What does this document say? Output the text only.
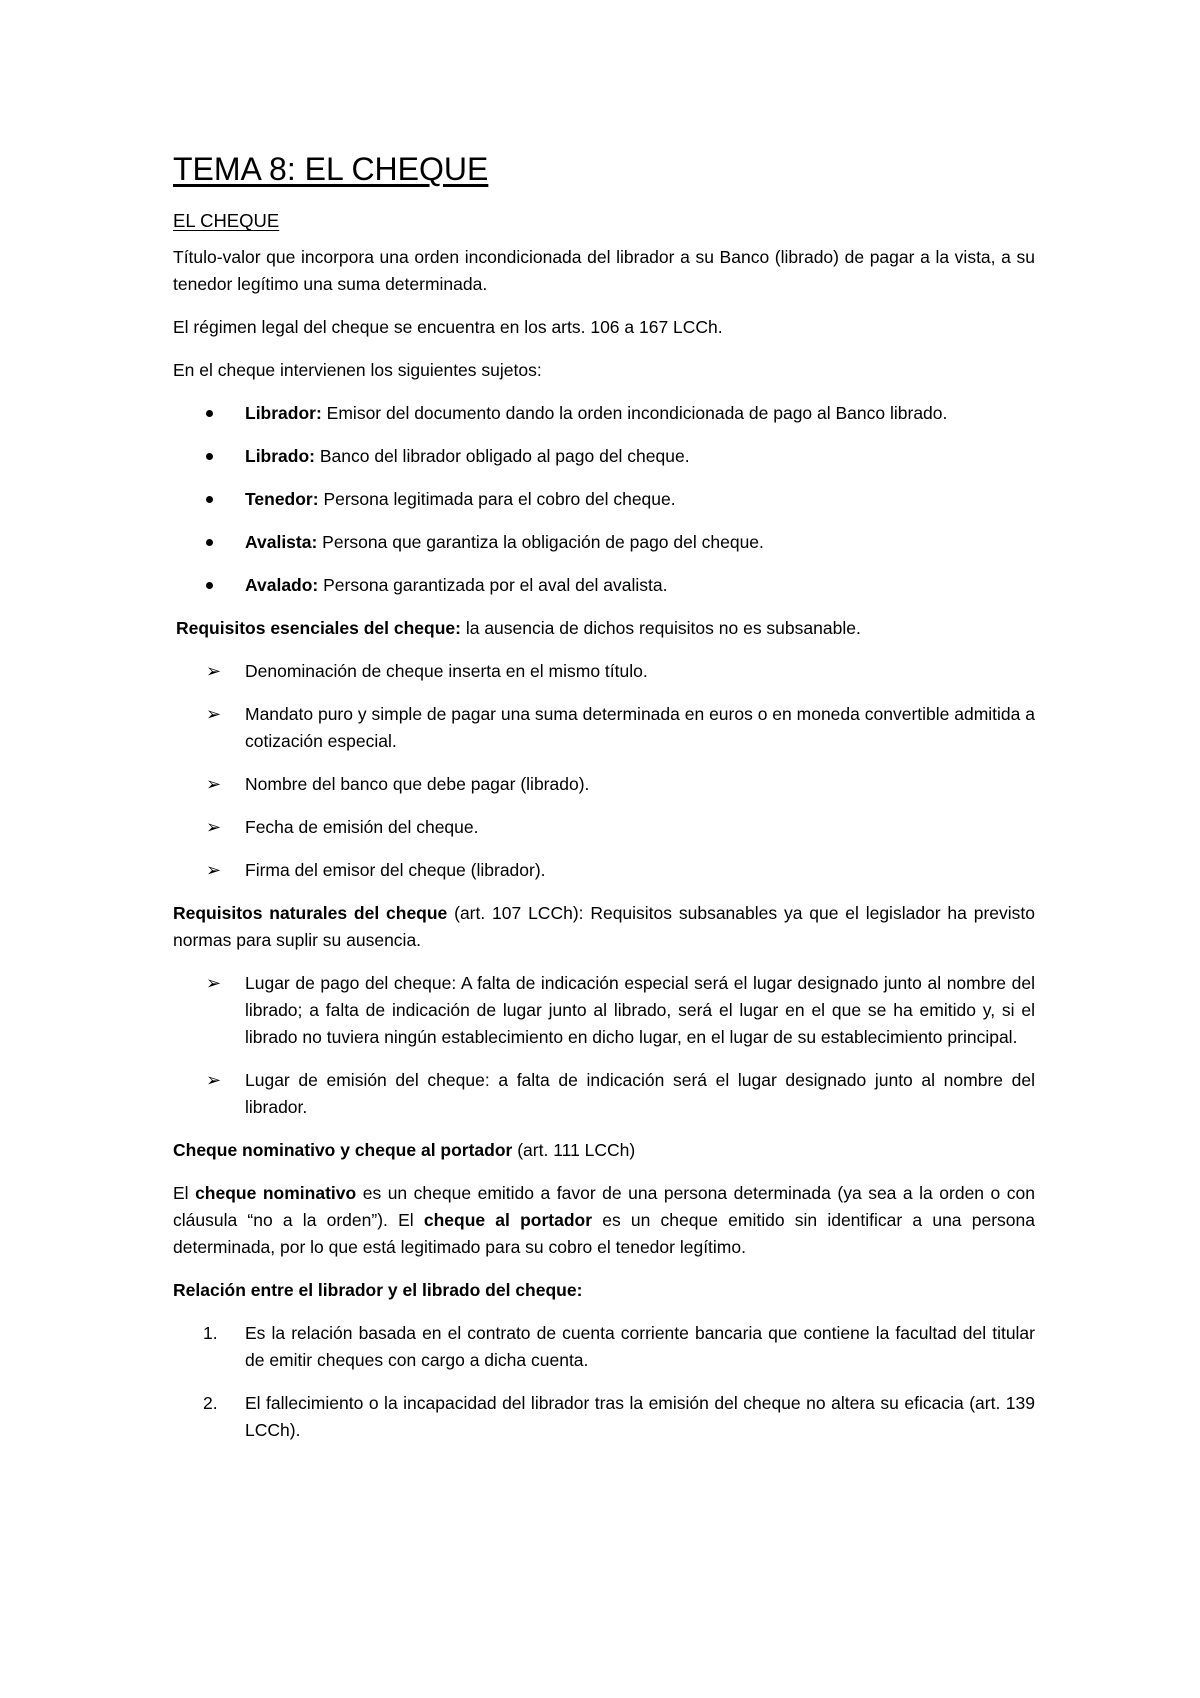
TEMA 8: EL CHEQUE
EL CHEQUE

Título-valor que incorpora una orden incondicionada del librador a su Banco (librado) de pagar a la vista, a su tenedor legítimo una suma determinada.

El régimen legal del cheque se encuentra en los arts. 106 a 167 LCCh.

En el cheque intervienen los siguientes sujetos:

Librador: Emisor del documento dando la orden incondicionada de pago al Banco librado.
Librado: Banco del librador obligado al pago del cheque.
Tenedor: Persona legitimada para el cobro del cheque.
Avalista: Persona que garantiza la obligación de pago del cheque.
Avalado: Persona garantizada por el aval del avalista.

Requisitos esenciales del cheque: la ausencia de dichos requisitos no es subsanable.

➢	Denominación de cheque inserta en el mismo título.
➢	Mandato puro y simple de pagar una suma determinada en euros o en moneda convertible admitida a cotización especial.
➢	Nombre del banco que debe pagar (librado).
➢	Fecha de emisión del cheque.
➢	Firma del emisor del cheque (librador).

Requisitos naturales del cheque (art. 107 LCCh): Requisitos subsanables ya que el legislador ha previsto normas para suplir su ausencia.

➢	Lugar de pago del cheque: A falta de indicación especial será el lugar designado junto al nombre del librado; a falta de indicación de lugar junto al librado, será el lugar en el que se ha emitido y, si el librado no tuviera ningún establecimiento en dicho lugar, en el lugar de su establecimiento principal.
➢	Lugar de emisión del cheque: a falta de indicación será el lugar designado junto al nombre del librador.

Cheque nominativo y cheque al portador (art. 111 LCCh)

El cheque nominativo es un cheque emitido a favor de una persona determinada (ya sea a la orden o con cláusula “no a la orden”). El cheque al portador es un cheque emitido sin identificar a una persona determinada, por lo que está legitimado para su cobro el tenedor legítimo.

Relación entre el librador y el librado del cheque:

1. Es la relación basada en el contrato de cuenta corriente bancaria que contiene la facultad del titular de emitir cheques con cargo a dicha cuenta.
2. El fallecimiento o la incapacidad del librador tras la emisión del cheque no altera su eficacia (art. 139 LCCh).
